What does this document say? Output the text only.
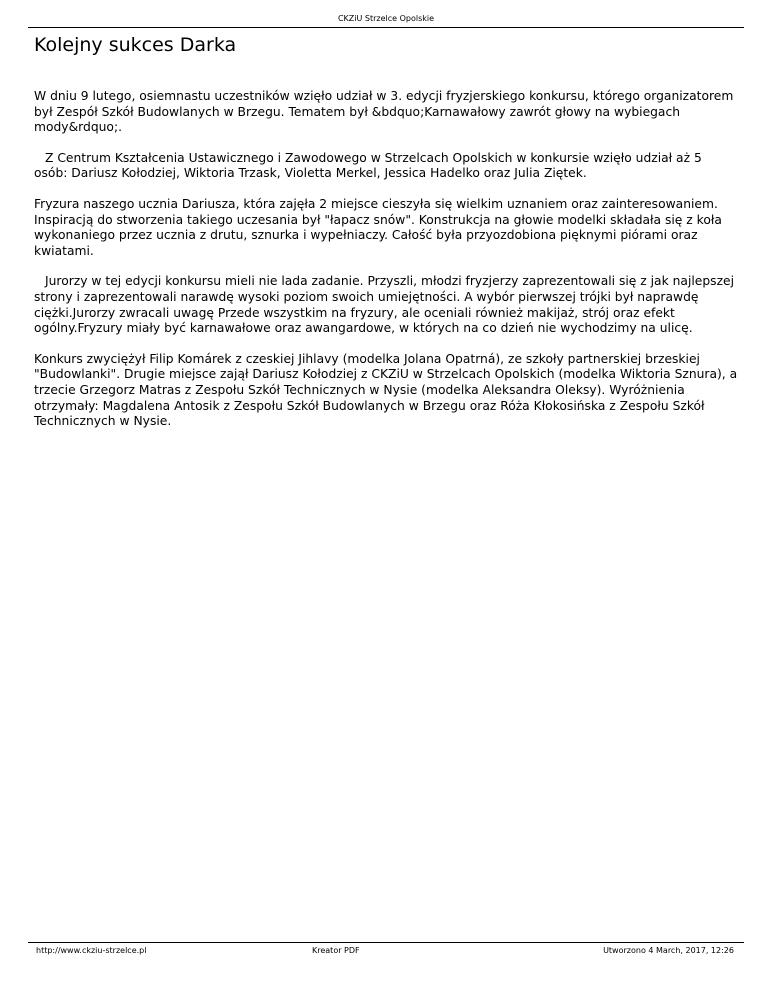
CKZiU Strzelce Opolskie
Kolejny sukces Darka

W dniu 9 lutego, osiemnastu uczestników wzięło udział w 3. edycji fryzjerskiego konkursu, którego organizatorem był Zespół Szkół Budowlanych w Brzegu. Tematem był &bdquo;Karnawałowy zawrót głowy na wybiegach mody&rdquo;.

Z Centrum Kształcenia Ustawicznego i Zawodowego w Strzelcach Opolskich w konkursie wzięło udział aż 5 osób: Dariusz Kołodziej, Wiktoria Trzask, Violetta Merkel, Jessica Hadelko oraz Julia Ziętek.

Fryzura naszego ucznia Dariusza, która zajęła 2 miejsce cieszyła się wielkim uznaniem oraz zainteresowaniem.
Inspiracją do stworzenia takiego uczesania był "łapacz snów". Konstrukcja na głowie modelki składała się z koła wykonaniego przez ucznia z drutu, sznurka i wypełniaczy. Całość była przyozdobiona pięknymi piórami oraz kwiatami.

Jurorzy w tej edycji konkursu mieli nie lada zadanie. Przyszli, młodzi fryzjerzy zaprezentowali się z jak najlepszej strony i zaprezentowali narawdę wysoki poziom swoich umiejętności. A wybór pierwszej trójki był naprawdę ciężki.Jurorzy zwracali uwagę Przede wszystkim na fryzury, ale oceniali również makijaż, strój oraz efekt ogólny.Fryzury miały być karnawałowe oraz awangardowe, w których na co dzień nie wychodzimy na ulicę.

Konkurs zwyciężył Filip Komárek z czeskiej Jihlavy (modelka Jolana Opatrná), ze szkoły partnerskiej brzeskiej "Budowlanki". Drugie miejsce zajął Dariusz Kołodziej z CKZiU w Strzelcach Opolskich (modelka Wiktoria Sznura), a trzecie Grzegorz Matras z Zespołu Szkół Technicznych w Nysie (modelka Aleksandra Oleksy). Wyróżnienia otrzymały: Magdalena Antosik z Zespołu Szkół Budowlanych w Brzegu oraz Róża Kłokosińska z Zespołu Szkół Technicznych w Nysie.

http://www.ckziu-strzelce.pl	Kreator PDF	Utworzono 4 March, 2017, 12:26
